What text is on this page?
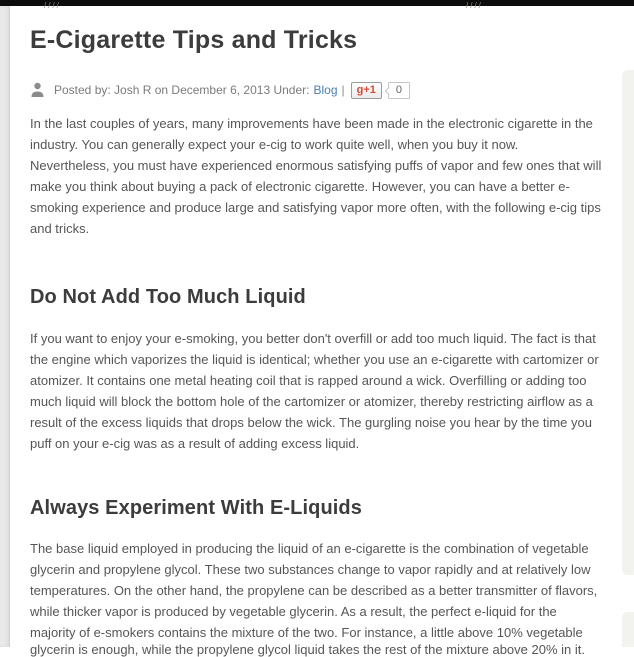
////	////
E-Cigarette Tips and Tricks
Posted by: Josh R on December 6, 2013 Under: Blog |	g+1	0
In the last couples of years, many improvements have been made in the electronic cigarette in the
industry. You can generally expect your e-cig to work quite well, when you buy it now.
Nevertheless, you must have experienced enormous satisfying puffs of vapor and few ones that will
make you think about buying a pack of electronic cigarette. However, you can have a better e-
smoking experience and produce large and satisfying vapor more often, with the following e-cig tips
and tricks.
Do Not Add Too Much Liquid
If you want to enjoy your e-smoking, you better don't overfill or add too much liquid. The fact is that
the engine which vaporizes the liquid is identical; whether you use an e-cigarette with cartomizer or
atomizer. It contains one metal heating coil that is rapped around a wick. Overfilling or adding too
much liquid will block the bottom hole of the cartomizer or atomizer, thereby restricting airflow as a
result of the excess liquids that drops below the wick. The gurgling noise you hear by the time you
puff on your e-cig was as a result of adding excess liquid.
Always Experiment With E-Liquids
The base liquid employed in producing the liquid of an e-cigarette is the combination of vegetable
glycerin and propylene glycol. These two substances change to vapor rapidly and at relatively low
temperatures. On the other hand, the propylene can be described as a better transmitter of flavors,
while thicker vapor is produced by vegetable glycerin. As a result, the perfect e-liquid for the
majority of e-smokers contains the mixture of the two. For instance, a little above 10% vegetable
glycerin is enough, while the propylene glycol liquid takes the rest of the mixture above 20% in it.
